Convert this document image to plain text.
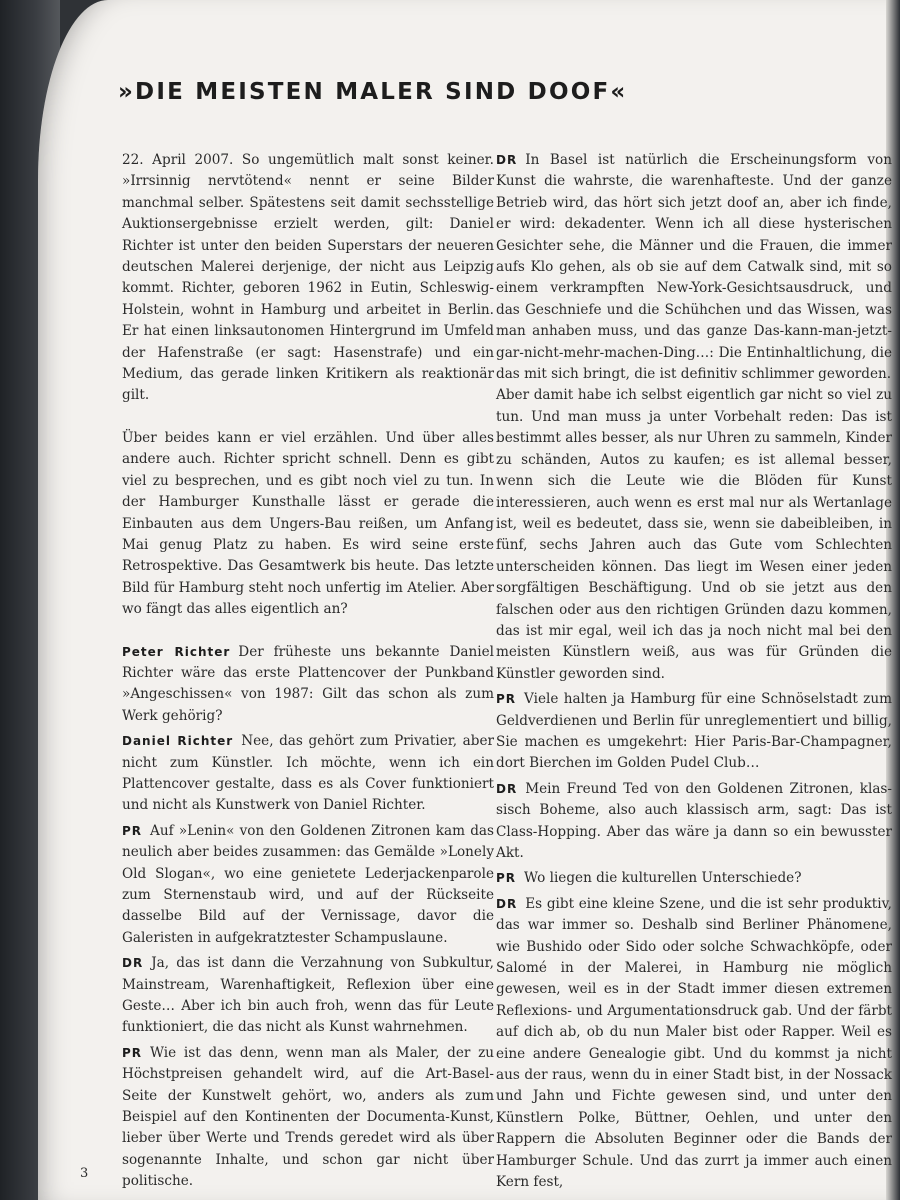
»DIE MEISTEN MALER SIND DOOF«

22. April 2007. So ungemütlich malt sonst keiner. »Irrsinnig nervtötend« nennt er seine Bilder manchmal selber. Spätestens seit damit sechsstellige Auktionsergebnisse erzielt werden, gilt: Daniel Richter ist unter den beiden Superstars der neueren deutschen Malerei derjenige, der nicht aus Leipzig kommt. Richter, geboren 1962 in Eutin, Schleswig-Holstein, wohnt in Hamburg und arbeitet in Berlin. Er hat einen linksautonomen Hintergrund im Umfeld der Hafenstraße (er sagt: Hasenstrafe) und ein Medium, das gerade linken Kritikern als reaktionär gilt.

Über beides kann er viel erzählen. Und über alles andere auch. Richter spricht schnell. Denn es gibt viel zu besprechen, und es gibt noch viel zu tun. In der Hamburger Kunsthalle lässt er gerade die Einbauten aus dem Ungers-Bau reißen, um Anfang Mai genug Platz zu haben. Es wird seine erste Retrospektive. Das Gesamtwerk bis heute. Das letzte Bild für Hamburg steht noch unfertig im Atelier. Aber wo fängt das alles eigentlich an?

Peter Richter Der früheste uns bekannte Daniel Richter wäre das erste Plattencover der Punkband »Angeschissen« von 1987: Gilt das schon als zum Werk gehörig?

Daniel Richter Nee, das gehört zum Privatier, aber nicht zum Künstler. Ich möchte, wenn ich ein Plattencover gestalte, dass es als Cover funktioniert und nicht als Kunstwerk von Daniel Richter.

PR Auf »Lenin« von den Goldenen Zitronen kam das neulich aber beides zusammen: das Gemälde »Lonely Old Slogan«, wo eine genietete Lederjackenparole zum Sternenstaub wird, und auf der Rückseite dasselbe Bild auf der Vernissage, davor die Galeristen in aufgekratztester Schampuslaune.

DR Ja, das ist dann die Verzahnung von Subkultur, Mainstream, Warenhaftigkeit, Reflexion über eine Geste… Aber ich bin auch froh, wenn das für Leute funktioniert, die das nicht als Kunst wahrnehmen.

PR Wie ist das denn, wenn man als Maler, der zu Höchstpreisen gehandelt wird, auf die Art-Basel-Seite der Kunstwelt gehört, wo, anders als zum Beispiel auf den Kontinenten der Documenta-Kunst, lieber über Werte und Trends geredet wird als über sogenannte Inhalte, und schon gar nicht über politische.

DR In Basel ist natürlich die Erscheinungsform von Kunst die wahrste, die warenhafteste. Und der ganze Betrieb wird, das hört sich jetzt doof an, aber ich finde, er wird: dekadenter. Wenn ich all diese hysterischen Gesichter sehe, die Männer und die Frauen, die immer aufs Klo gehen, als ob sie auf dem Catwalk sind, mit so einem verkrampften New-York-Gesichtsausdruck, und das Geschniefe und die Schühchen und das Wissen, was man anhaben muss, und das ganze Das-kann-man-jetzt-gar-nicht-mehr-machen-Ding…: Die Entinhaltlichung, die das mit sich bringt, die ist definitiv schlimmer geworden.

Aber damit habe ich selbst eigentlich gar nicht so viel zu tun. Und man muss ja unter Vorbehalt reden: Das ist bestimmt alles besser, als nur Uhren zu sammeln, Kinder zu schänden, Autos zu kaufen; es ist allemal besser, wenn sich die Leute wie die Blöden für Kunst interessieren, auch wenn es erst mal nur als Wertanlage ist, weil es bedeutet, dass sie, wenn sie dabeibleiben, in fünf, sechs Jahren auch das Gute vom Schlechten unterscheiden können. Das liegt im Wesen einer jeden sorgfältigen Beschäftigung. Und ob sie jetzt aus den falschen oder aus den richtigen Gründen dazu kommen, das ist mir egal, weil ich das ja noch nicht mal bei den meisten Künstlern weiß, aus was für Gründen die Künstler geworden sind.

PR Viele halten ja Hamburg für eine Schnöselstadt zum Geldverdienen und Berlin für unreglementiert und billig, Sie machen es umgekehrt: Hier Paris-Bar-Champagner, dort Bierchen im Golden Pudel Club…

DR Mein Freund Ted von den Goldenen Zitronen, klassisch Boheme, also auch klassisch arm, sagt: Das ist Class-Hopping. Aber das wäre ja dann so ein bewusster Akt.

PR Wo liegen die kulturellen Unterschiede?

DR Es gibt eine kleine Szene, und die ist sehr produktiv, das war immer so. Deshalb sind Berliner Phänomene, wie Bushido oder Sido oder solche Schwachköpfe, oder Salomé in der Malerei, in Hamburg nie möglich gewesen, weil es in der Stadt immer diesen extremen Reflexions- und Argumentationsdruck gab. Und der färbt auf dich ab, ob du nun Maler bist oder Rapper. Weil es eine andere Genealogie gibt. Und du kommst ja nicht aus der raus, wenn du in einer Stadt bist, in der Nossack und Jahn und Fichte gewesen sind, und unter den Künstlern Polke, Büttner, Oehlen, und unter den Rappern die Absoluten Beginner oder die Bands der Hamburger Schule. Und das zurrt ja immer auch einen Kern fest,

3
